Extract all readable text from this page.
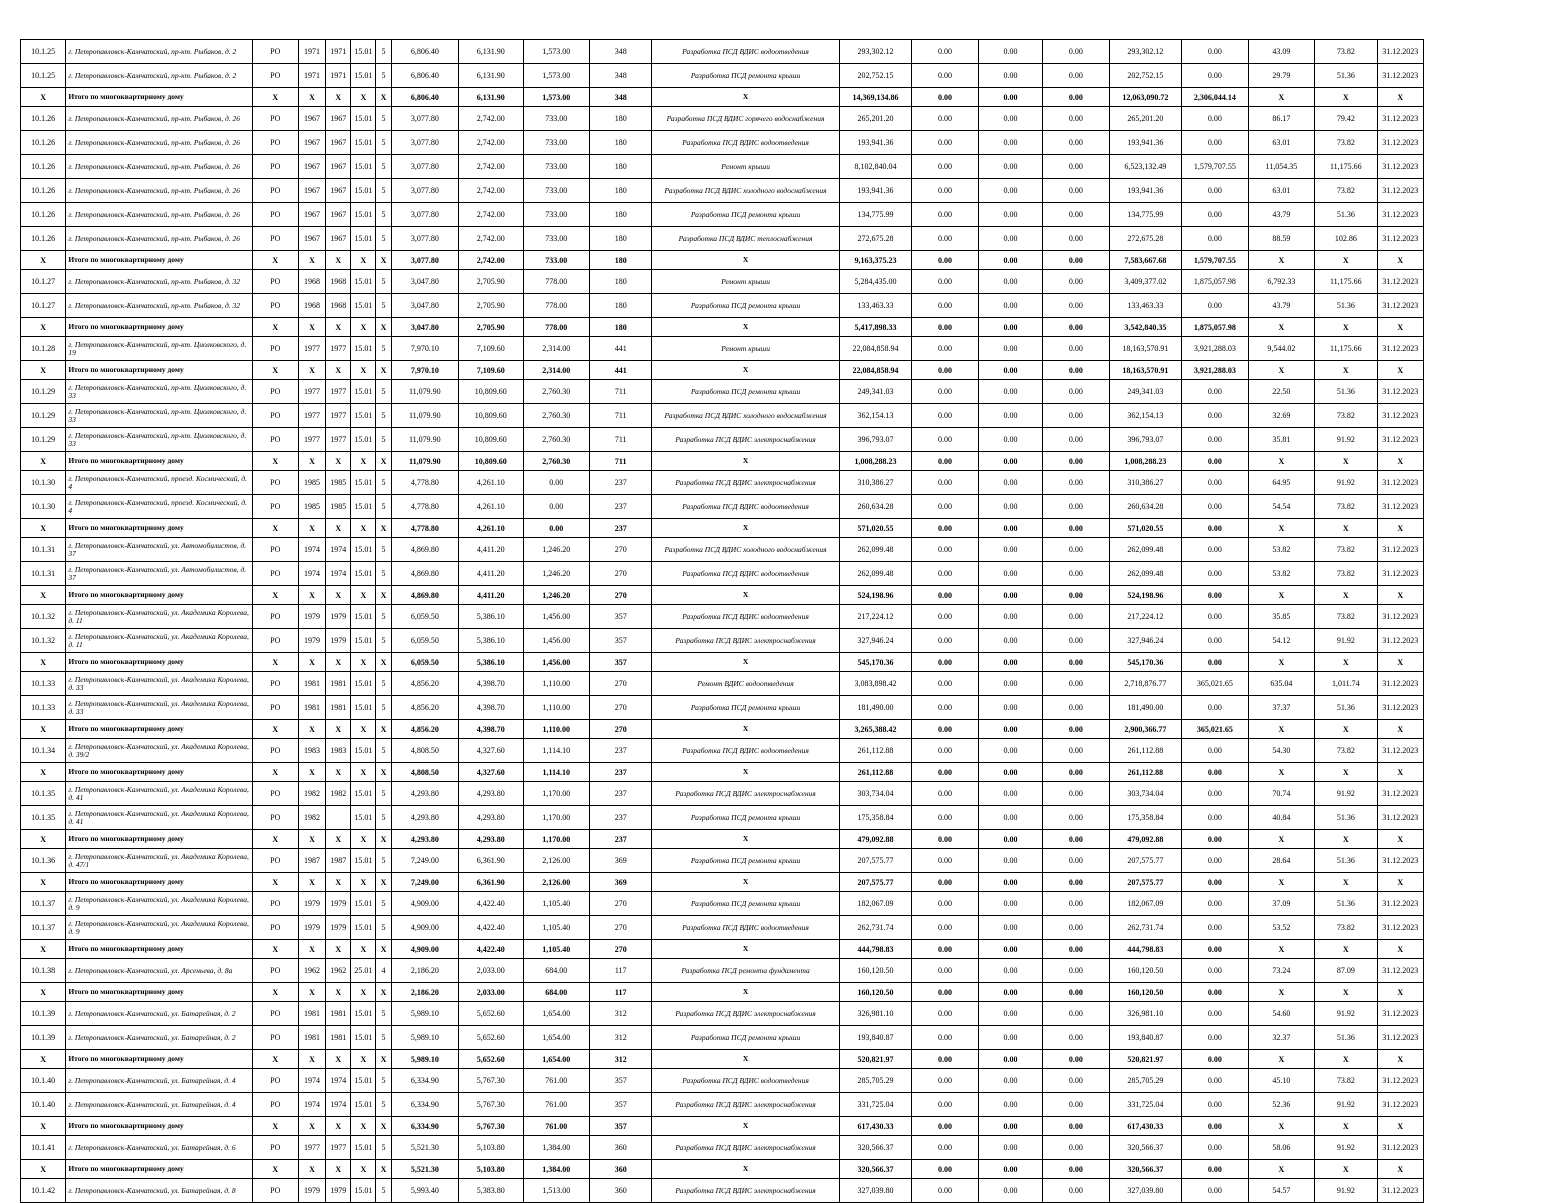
10.1.25	г. Петропавловск-Камчатский, пр-кт. Рыбаков, д. 2	РО	1971	1971	15.01	5	6,806.40	6,131.90	1,573.00	348	Разработка ПСД ВДИС водоотведения	293,302.12	0.00	0.00	0.00	293,302.12	0.00	43.09	73.82	31.12.2023
10.1.25	г. Петропавловск-Камчатский, пр-кт. Рыбаков, д. 2	РО	1971	1971	15.01	5	6,806.40	6,131.90	1,573.00	348	Разработка ПСД ремонта крыши	202,752.15	0.00	0.00	0.00	202,752.15	0.00	29.79	51.36	31.12.2023
X	Итого по многоквартирному дому	X	X	X	X	X	6,806.40	6,131.90	1,573.00	348	X	14,369,134.86	0.00	0.00	0.00	12,063,090.72	2,306,044.14	X	X	X
10.1.26	г. Петропавловск-Камчатский, пр-кт. Рыбаков, д. 26	РО	1967	1967	15.01	5	3,077.80	2,742.00	733.00	180	Разработка ПСД ВДИС горячего водоснабжения	265,201.20	0.00	0.00	0.00	265,201.20	0.00	86.17	79.42	31.12.2023
10.1.26	г. Петропавловск-Камчатский, пр-кт. Рыбаков, д. 26	РО	1967	1967	15.01	5	3,077.80	2,742.00	733.00	180	Разработка ПСД ВДИС водоотведения	193,941.36	0.00	0.00	0.00	193,941.36	0.00	63.01	73.82	31.12.2023
10.1.26	г. Петропавловск-Камчатский, пр-кт. Рыбаков, д. 26	РО	1967	1967	15.01	5	3,077.80	2,742.00	733.00	180	Ремонт крыши	8,102,840.04	0.00	0.00	0.00	6,523,132.49	1,579,707.55	11,054.35	11,175.66	31.12.2023
10.1.26	г. Петропавловск-Камчатский, пр-кт. Рыбаков, д. 26	РО	1967	1967	15.01	5	3,077.80	2,742.00	733.00	180	Разработка ПСД ВДИС холодного водоснабжения	193,941.36	0.00	0.00	0.00	193,941.36	0.00	63.01	73.82	31.12.2023
10.1.26	г. Петропавловск-Камчатский, пр-кт. Рыбаков, д. 26	РО	1967	1967	15.01	5	3,077.80	2,742.00	733.00	180	Разработка ПСД ремонта крыши	134,775.99	0.00	0.00	0.00	134,775.99	0.00	43.79	51.36	31.12.2023
10.1.26	г. Петропавловск-Камчатский, пр-кт. Рыбаков, д. 26	РО	1967	1967	15.01	5	3,077.80	2,742.00	733.00	180	Разработка ПСД ВДИС теплоснабжения	272,675.28	0.00	0.00	0.00	272,675.28	0.00	88.59	102.86	31.12.2023
X	Итого по многоквартирному дому	X	X	X	X	X	3,077.80	2,742.00	733.00	180	X	9,163,375.23	0.00	0.00	0.00	7,583,667.68	1,579,707.55	X	X	X
10.1.27	г. Петропавловск-Камчатский, пр-кт. Рыбаков, д. 32	РО	1968	1968	15.01	5	3,047.80	2,705.90	778.00	180	Ремонт крыши	5,284,435.00	0.00	0.00	0.00	3,409,377.02	1,875,057.98	6,792.33	11,175.66	31.12.2023
10.1.27	г. Петропавловск-Камчатский, пр-кт. Рыбаков, д. 32	РО	1968	1968	15.01	5	3,047.80	2,705.90	778.00	180	Разработка ПСД ремонта крыши	133,463.33	0.00	0.00	0.00	133,463.33	0.00	43.79	51.36	31.12.2023
X	Итого по многоквартирному дому	X	X	X	X	X	3,047.80	2,705.90	778.00	180	X	5,417,898.33	0.00	0.00	0.00	3,542,840.35	1,875,057.98	X	X	X
10.1.28	г. Петропавловск-Камчатский, пр-кт. Циолковского, д. 19	РО	1977	1977	15.01	5	7,970.10	7,109.60	2,314.00	441	Ремонт крыши	22,084,858.94	0.00	0.00	0.00	18,163,570.91	3,921,288.03	9,544.02	11,175.66	31.12.2023
X	Итого по многоквартирному дому	X	X	X	X	X	7,970.10	7,109.60	2,314.00	441	X	22,084,858.94	0.00	0.00	0.00	18,163,570.91	3,921,288.03	X	X	X
10.1.29	г. Петропавловск-Камчатский, пр-кт. Циолковского, д. 33	РО	1977	1977	15.01	5	11,079.90	10,809.60	2,760.30	711	Разработка ПСД ремонта крыши	249,341.03	0.00	0.00	0.00	249,341.03	0.00	22.50	51.36	31.12.2023
10.1.29	г. Петропавловск-Камчатский, пр-кт. Циолковского, д. 33	РО	1977	1977	15.01	5	11,079.90	10,809.60	2,760.30	711	Разработка ПСД ВДИС холодного водоснабжения	362,154.13	0.00	0.00	0.00	362,154.13	0.00	32.69	73.82	31.12.2023
10.1.29	г. Петропавловск-Камчатский, пр-кт. Циолковского, д. 33	РО	1977	1977	15.01	5	11,079.90	10,809.60	2,760.30	711	Разработка ПСД ВДИС электроснабжения	396,793.07	0.00	0.00	0.00	396,793.07	0.00	35.81	91.92	31.12.2023
X	Итого по многоквартирному дому	X	X	X	X	X	11,079.90	10,809.60	2,760.30	711	X	1,008,288.23	0.00	0.00	0.00	1,008,288.23	0.00	X	X	X
10.1.30	г. Петропавловск-Камчатский, проезд. Космический, д. 4	РО	1985	1985	15.01	5	4,778.80	4,261.10	0.00	237	Разработка ПСД ВДИС электроснабжения	310,386.27	0.00	0.00	0.00	310,386.27	0.00	64.95	91.92	31.12.2023
10.1.30	г. Петропавловск-Камчатский, проезд. Космический, д. 4	РО	1985	1985	15.01	5	4,778.80	4,261.10	0.00	237	Разработка ПСД ВДИС водоотведения	260,634.28	0.00	0.00	0.00	260,634.28	0.00	54.54	73.82	31.12.2023
X	Итого по многоквартирному дому	X	X	X	X	X	4,778.80	4,261.10	0.00	237	X	571,020.55	0.00	0.00	0.00	571,020.55	0.00	X	X	X
10.1.31	г. Петропавловск-Камчатский, ул. Автомобилистов, д. 37	РО	1974	1974	15.01	5	4,869.80	4,411.20	1,246.20	270	Разработка ПСД ВДИС холодного водоснабжения	262,099.48	0.00	0.00	0.00	262,099.48	0.00	53.82	73.82	31.12.2023
10.1.31	г. Петропавловск-Камчатский, ул. Автомобилистов, д. 37	РО	1974	1974	15.01	5	4,869.80	4,411.20	1,246.20	270	Разработка ПСД ВДИС водоотведения	262,099.48	0.00	0.00	0.00	262,099.48	0.00	53.82	73.82	31.12.2023
X	Итого по многоквартирному дому	X	X	X	X	X	4,869.80	4,411.20	1,246.20	270	X	524,198.96	0.00	0.00	0.00	524,198.96	0.00	X	X	X
10.1.32	г. Петропавловск-Камчатский, ул. Академика Королева, д. 11	РО	1979	1979	15.01	5	6,059.50	5,386.10	1,456.00	357	Разработка ПСД ВДИС водоотведения	217,224.12	0.00	0.00	0.00	217,224.12	0.00	35.85	73.82	31.12.2023
10.1.32	г. Петропавловск-Камчатский, ул. Академика Королева, д. 11	РО	1979	1979	15.01	5	6,059.50	5,386.10	1,456.00	357	Разработка ПСД ВДИС электроснабжения	327,946.24	0.00	0.00	0.00	327,946.24	0.00	54.12	91.92	31.12.2023
X	Итого по многоквартирному дому	X	X	X	X	X	6,059.50	5,386.10	1,456.00	357	X	545,170.36	0.00	0.00	0.00	545,170.36	0.00	X	X	X
10.1.33	г. Петропавловск-Камчатский, ул. Академика Королева, д. 33	РО	1981	1981	15.01	5	4,856.20	4,398.70	1,110.00	270	Ремонт ВДИС водоотведения	3,083,898.42	0.00	0.00	0.00	2,718,876.77	365,021.65	635.04	1,011.74	31.12.2023
10.1.33	г. Петропавловск-Камчатский, ул. Академика Королева, д. 33	РО	1981	1981	15.01	5	4,856.20	4,398.70	1,110.00	270	Разработка ПСД ремонта крыши	181,490.00	0.00	0.00	0.00	181,490.00	0.00	37.37	51.36	31.12.2023
X	Итого по многоквартирному дому	X	X	X	X	X	4,856.20	4,398.70	1,110.00	270	X	3,265,388.42	0.00	0.00	0.00	2,900,366.77	365,021.65	X	X	X
10.1.34	г. Петропавловск-Камчатский, ул. Академика Королева, д. 39/2	РО	1983	1983	15.01	5	4,808.50	4,327.60	1,114.10	237	Разработка ПСД ВДИС водоотведения	261,112.88	0.00	0.00	0.00	261,112.88	0.00	54.30	73.82	31.12.2023
X	Итого по многоквартирному дому	X	X	X	X	X	4,808.50	4,327.60	1,114.10	237	X	261,112.88	0.00	0.00	0.00	261,112.88	0.00	X	X	X
10.1.35	г. Петропавловск-Камчатский, ул. Академика Королева, д. 41	РО	1982	1982	15.01	5	4,293.80	4,293.80	1,170.00	237	Разработка ПСД ВДИС электроснабжения	303,734.04	0.00	0.00	0.00	303,734.04	0.00	70.74	91.92	31.12.2023
10.1.35	г. Петропавловск-Камчатский, ул. Академика Королева, д. 41	РО	1982		15.01	5	4,293.80	4,293.80	1,170.00	237	Разработка ПСД ремонта крыши	175,358.84	0.00	0.00	0.00	175,358.84	0.00	40.84	51.36	31.12.2023
X	Итого по многоквартирному дому	X	X	X	X	X	4,293.80	4,293.80	1,170.00	237	X	479,092.88	0.00	0.00	0.00	479,092.88	0.00	X	X	X
10.1.36	г. Петропавловск-Камчатский, ул. Академика Королева, д. 47/1	РО	1987	1987	15.01	5	7,249.00	6,361.90	2,126.00	369	Разработка ПСД ремонта крыши	207,575.77	0.00	0.00	0.00	207,575.77	0.00	28.64	51.36	31.12.2023
X	Итого по многоквартирному дому	X	X	X	X	X	7,249.00	6,361.90	2,126.00	369	X	207,575.77	0.00	0.00	0.00	207,575.77	0.00	X	X	X
10.1.37	г. Петропавловск-Камчатский, ул. Академика Королева, д. 9	РО	1979	1979	15.01	5	4,909.00	4,422.40	1,105.40	270	Разработка ПСД ремонта крыши	182,067.09	0.00	0.00	0.00	182,067.09	0.00	37.09	51.36	31.12.2023
10.1.37	г. Петропавловск-Камчатский, ул. Академика Королева, д. 9	РО	1979	1979	15.01	5	4,909.00	4,422.40	1,105.40	270	Разработка ПСД ВДИС водоотведения	262,731.74	0.00	0.00	0.00	262,731.74	0.00	53.52	73.82	31.12.2023
X	Итого по многоквартирному дому	X	X	X	X	X	4,909.00	4,422.40	1,105.40	270	X	444,798.83	0.00	0.00	0.00	444,798.83	0.00	X	X	X
10.1.38	г. Петропавловск-Камчатский, ул. Арсеньева, д. 8а	РО	1962	1962	25.01	4	2,186.20	2,033.00	684.00	117	Разработка ПСД ремонта фундамента	160,120.50	0.00	0.00	0.00	160,120.50	0.00	73.24	87.09	31.12.2023
X	Итого по многоквартирному дому	X	X	X	X	X	2,186.20	2,033.00	684.00	117	X	160,120.50	0.00	0.00	0.00	160,120.50	0.00	X	X	X
10.1.39	г. Петропавловск-Камчатский, ул. Батарейная, д. 2	РО	1981	1981	15.01	5	5,989.10	5,652.60	1,654.00	312	Разработка ПСД ВДИС электроснабжения	326,981.10	0.00	0.00	0.00	326,981.10	0.00	54.60	91.92	31.12.2023
10.1.39	г. Петропавловск-Камчатский, ул. Батарейная, д. 2	РО	1981	1981	15.01	5	5,989.10	5,652.60	1,654.00	312	Разработка ПСД ремонта крыши	193,840.87	0.00	0.00	0.00	193,840.87	0.00	32.37	51.36	31.12.2023
X	Итого по многоквартирному дому	X	X	X	X	X	5,989.10	5,652.60	1,654.00	312	X	520,821.97	0.00	0.00	0.00	520,821.97	0.00	X	X	X
10.1.40	г. Петропавловск-Камчатский, ул. Батарейная, д. 4	РО	1974	1974	15.01	5	6,334.90	5,767.30	761.00	357	Разработка ПСД ВДИС водоотведения	285,705.29	0.00	0.00	0.00	285,705.29	0.00	45.10	73.82	31.12.2023
10.1.40	г. Петропавловск-Камчатский, ул. Батарейная, д. 4	РО	1974	1974	15.01	5	6,334.90	5,767.30	761.00	357	Разработка ПСД ВДИС электроснабжения	331,725.04	0.00	0.00	0.00	331,725.04	0.00	52.36	91.92	31.12.2023
X	Итого по многоквартирному дому	X	X	X	X	X	6,334.90	5,767.30	761.00	357	X	617,430.33	0.00	0.00	0.00	617,430.33	0.00	X	X	X
10.1.41	г. Петропавловск-Камчатский, ул. Батарейная, д. 6	РО	1977	1977	15.01	5	5,521.30	5,103.80	1,384.00	360	Разработка ПСД ВДИС электроснабжения	320,566.37	0.00	0.00	0.00	320,566.37	0.00	58.06	91.92	31.12.2023
X	Итого по многоквартирному дому	X	X	X	X	X	5,521.30	5,103.80	1,384.00	360	X	320,566.37	0.00	0.00	0.00	320,566.37	0.00	X	X	X
10.1.42	г. Петропавловск-Камчатский, ул. Батарейная, д. 8	РО	1979	1979	15.01	5	5,993.40	5,383.80	1,513.00	360	Разработка ПСД ВДИС электроснабжения	327,039.80	0.00	0.00	0.00	327,039.80	0.00	54.57	91.92	31.12.2023
